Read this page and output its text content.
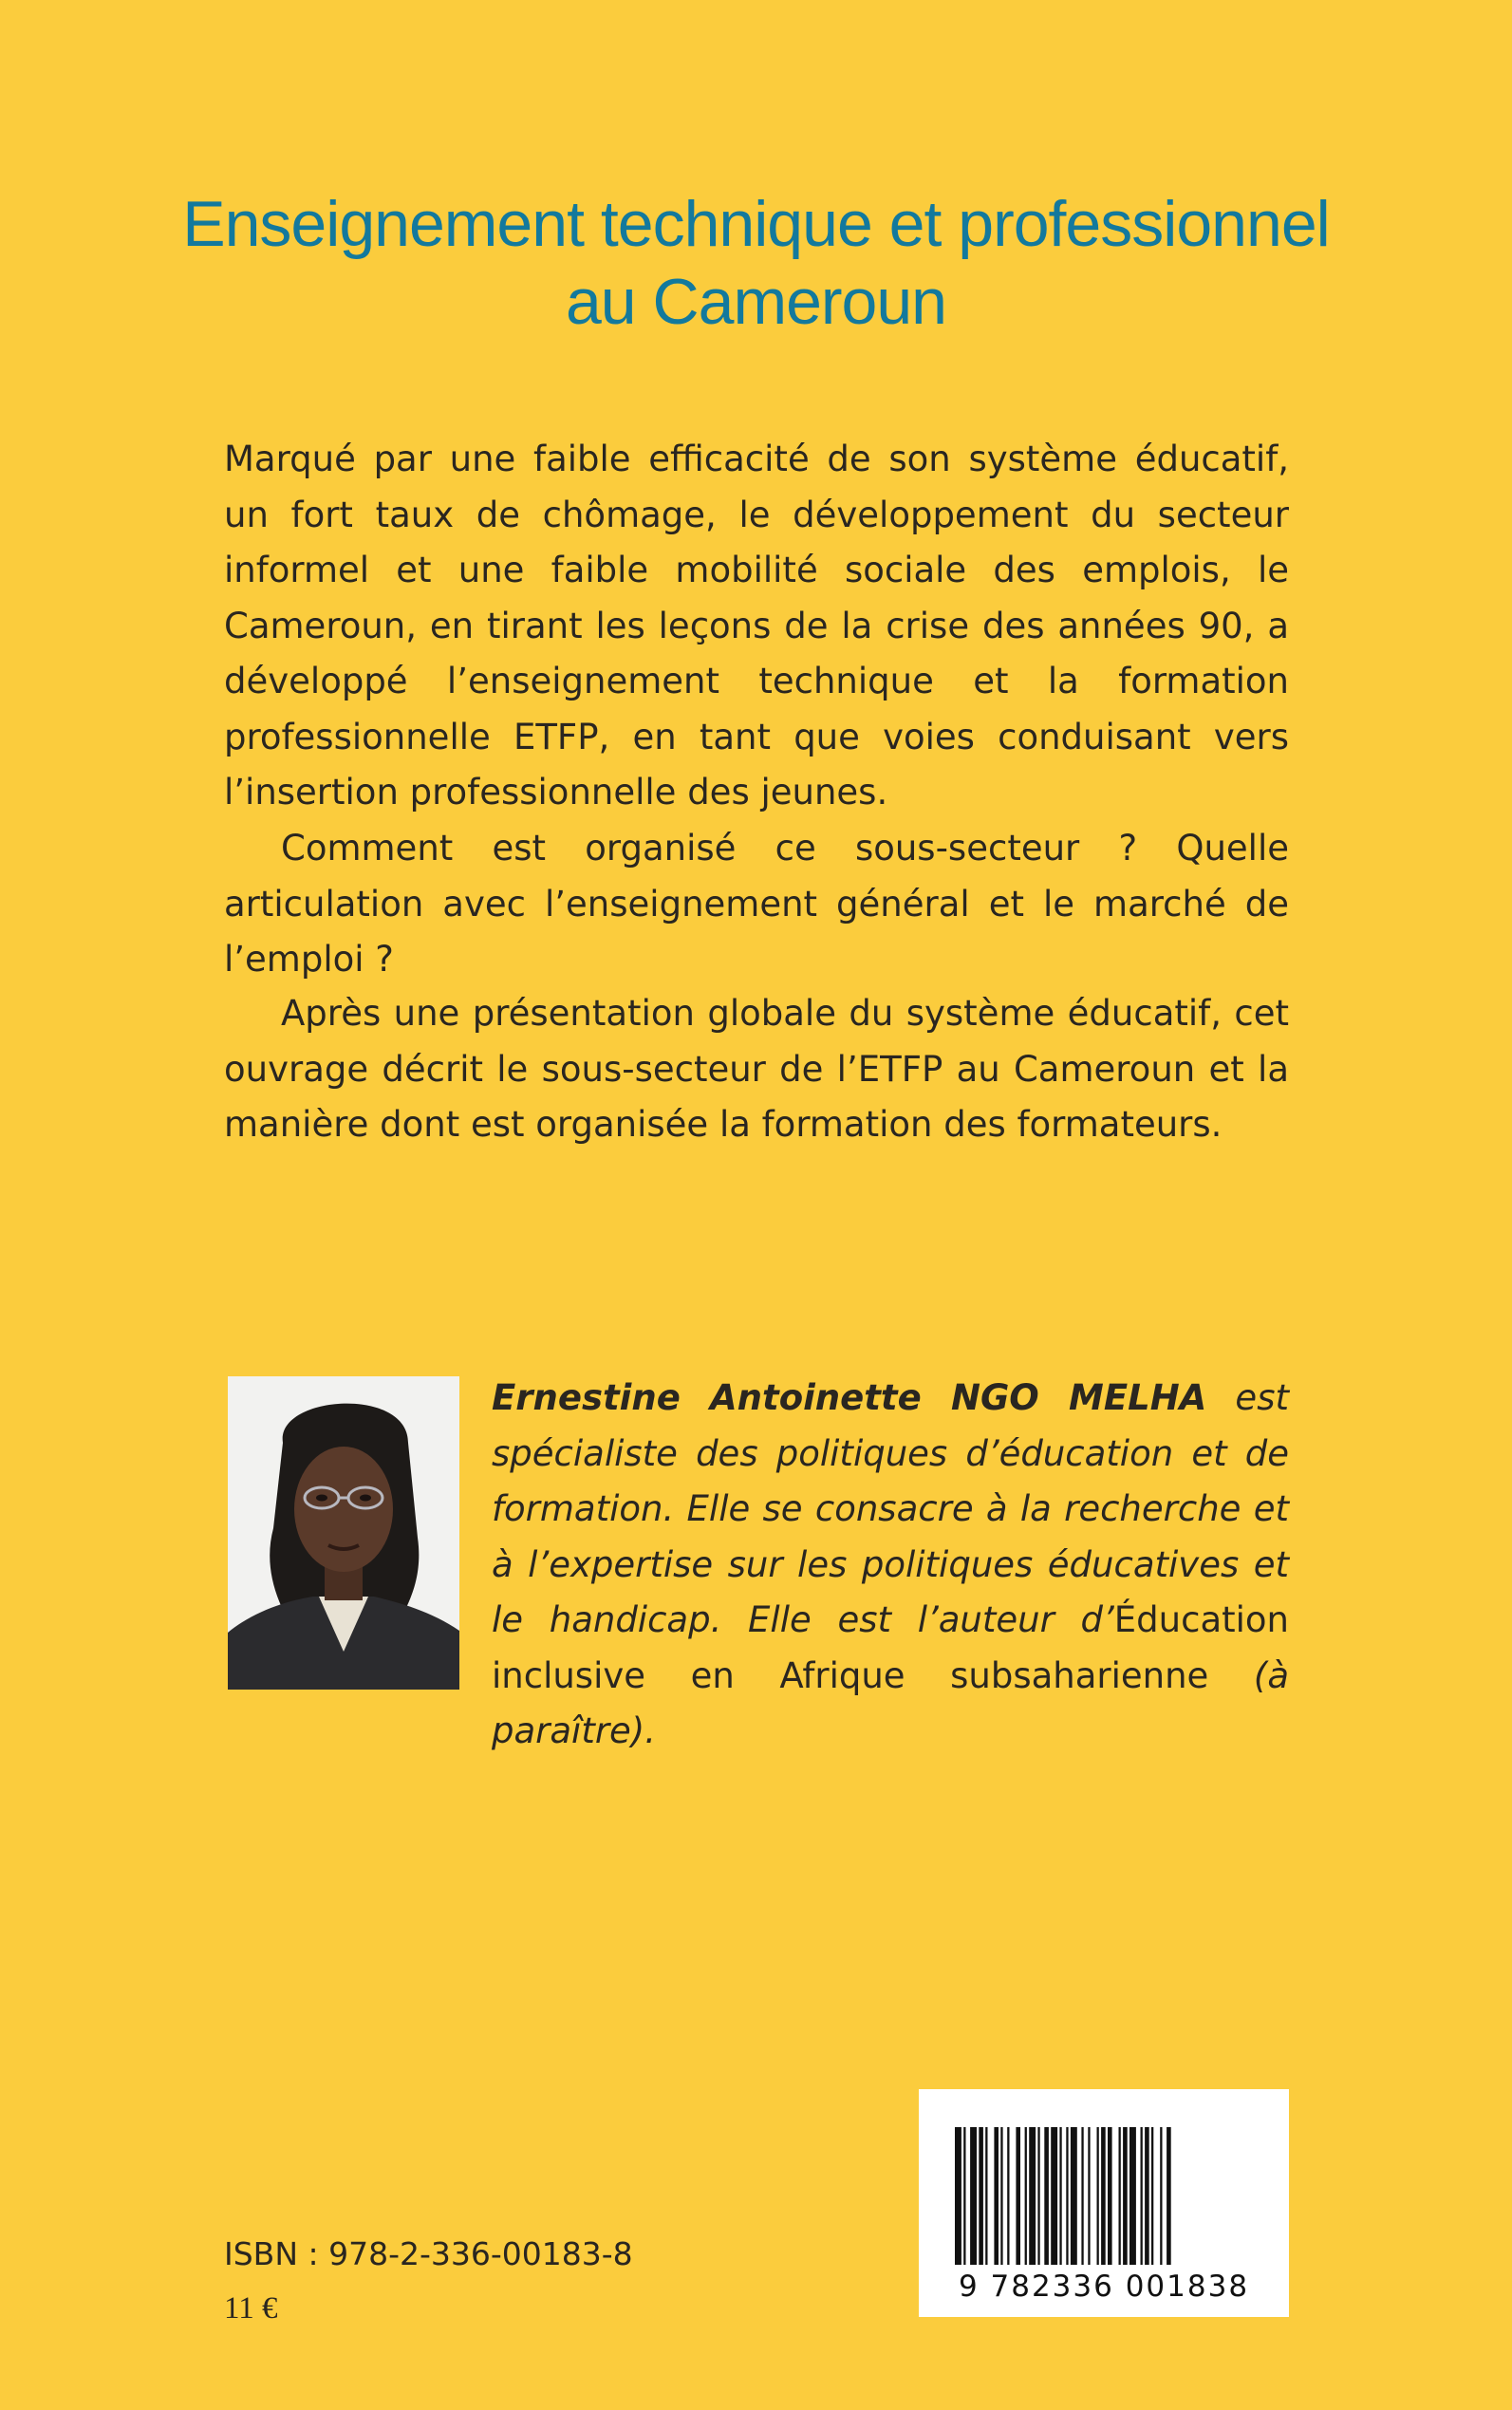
Enseignement technique et professionnel
au Cameroun

Marqué par une faible efficacité de son système éducatif, un fort taux de chômage, le développement du secteur informel et une faible mobilité sociale des emplois, le Cameroun, en tirant les leçons de la crise des années 90, a développé l’enseignement technique et la formation professionnelle ETFP, en tant que voies conduisant vers l’insertion professionnelle des jeunes.

Comment est organisé ce sous-secteur ? Quelle articulation avec l’enseignement général et le marché de l’emploi ?

Après une présentation globale du système éducatif, cet ouvrage décrit le sous-secteur de l’ETFP au Cameroun et la manière dont est organisée la formation des formateurs.

Ernestine Antoinette NGO MELHA est spécialiste des politiques d’éducation et de formation. Elle se consacre à la recherche et à l’expertise sur les politiques éducatives et le handicap. Elle est l’auteur d’Éducation inclusive en Afrique subsaharienne (à paraître).
ISBN : 978-2-336-00183-8
11 €
9 782336 001838
